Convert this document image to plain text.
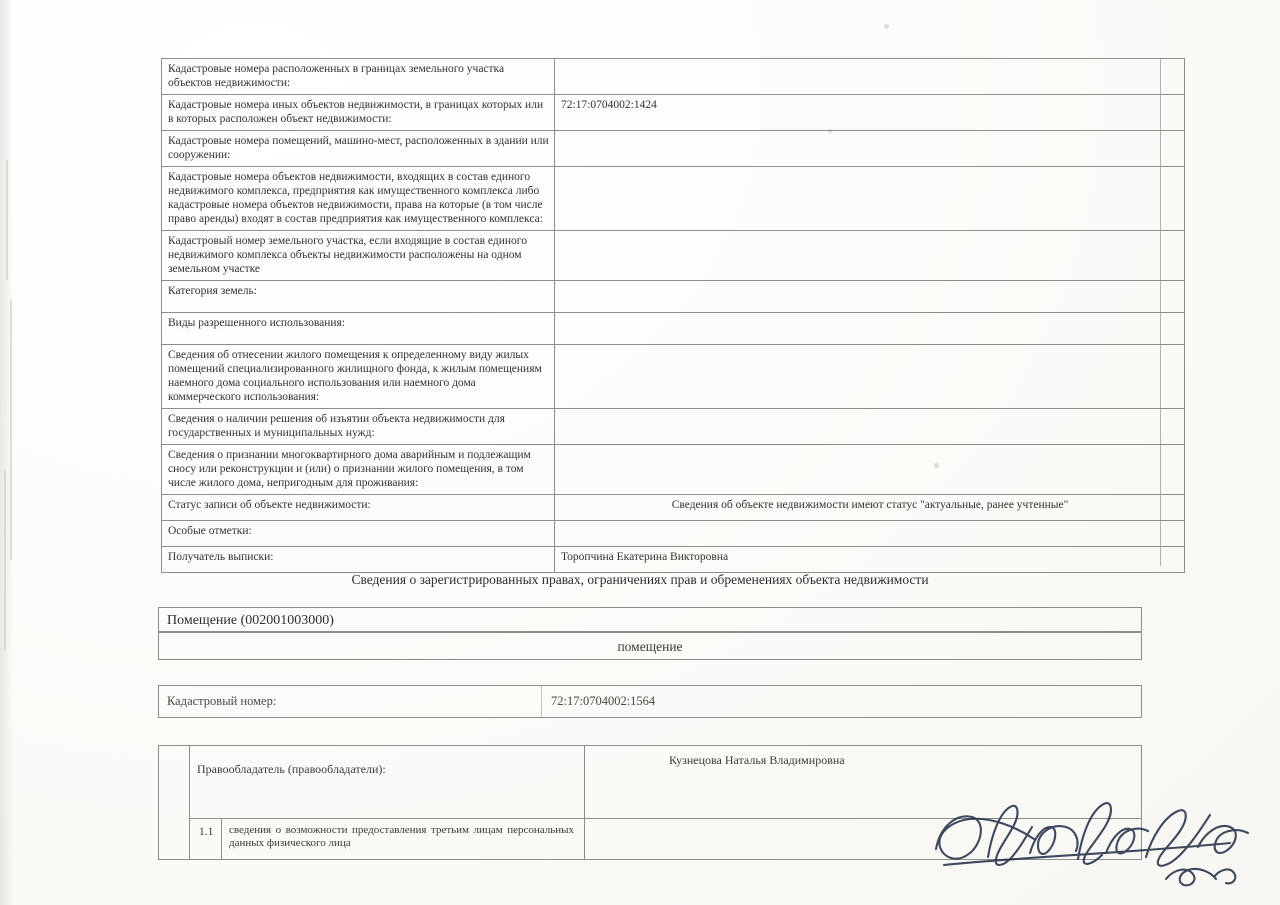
Кадастровые номера расположенных в границах земельного участка объектов недвижимости:	
Кадастровые номера иных объектов недвижимости, в границах которых или в которых расположен объект недвижимости:	72:17:0704002:1424
Кадастровые номера помещений, машино-мест, расположенных в здании или сооружении:	
Кадастровые номера объектов недвижимости, входящих в состав единого недвижимого комплекса, предприятия как имущественного комплекса либо кадастровые номера объектов недвижимости, права на которые (в том числе право аренды) входят в состав предприятия как имущественного комплекса:	
Кадастровый номер земельного участка, если входящие в состав единого недвижимого комплекса объекты недвижимости расположены на одном земельном участке	
Категория земель:	
Виды разрешенного использования:	
Сведения об отнесении жилого помещения к определенному виду жилых помещений специализированного жилищного фонда, к жилым помещениям наемного дома социального использования или наемного дома коммерческого использования:	
Сведения о наличии решения об изъятии объекта недвижимости для государственных и муниципальных нужд:	
Сведения о признании многоквартирного дома аварийным и подлежащим сносу или реконструкции и (или) о признании жилого помещения, в том числе жилого дома, непригодным для проживания:	
Статус записи об объекте недвижимости:	Сведения об объекте недвижимости имеют статус "актуальные, ранее учтенные"
Особые отметки:	
Получатель выписки:	Торопчина Екатерина Викторовна
Сведения о зарегистрированных правах, ограничениях прав и обременениях объекта недвижимости
Помещение (002001003000)
помещение
Кадастровый номер:	72:17:0704002:1564
Правообладатель (правообладатели):
Кузнецова Наталья Владимировна
1.1 сведения о возможности предоставления третьим лицам персональных данных физического лица
